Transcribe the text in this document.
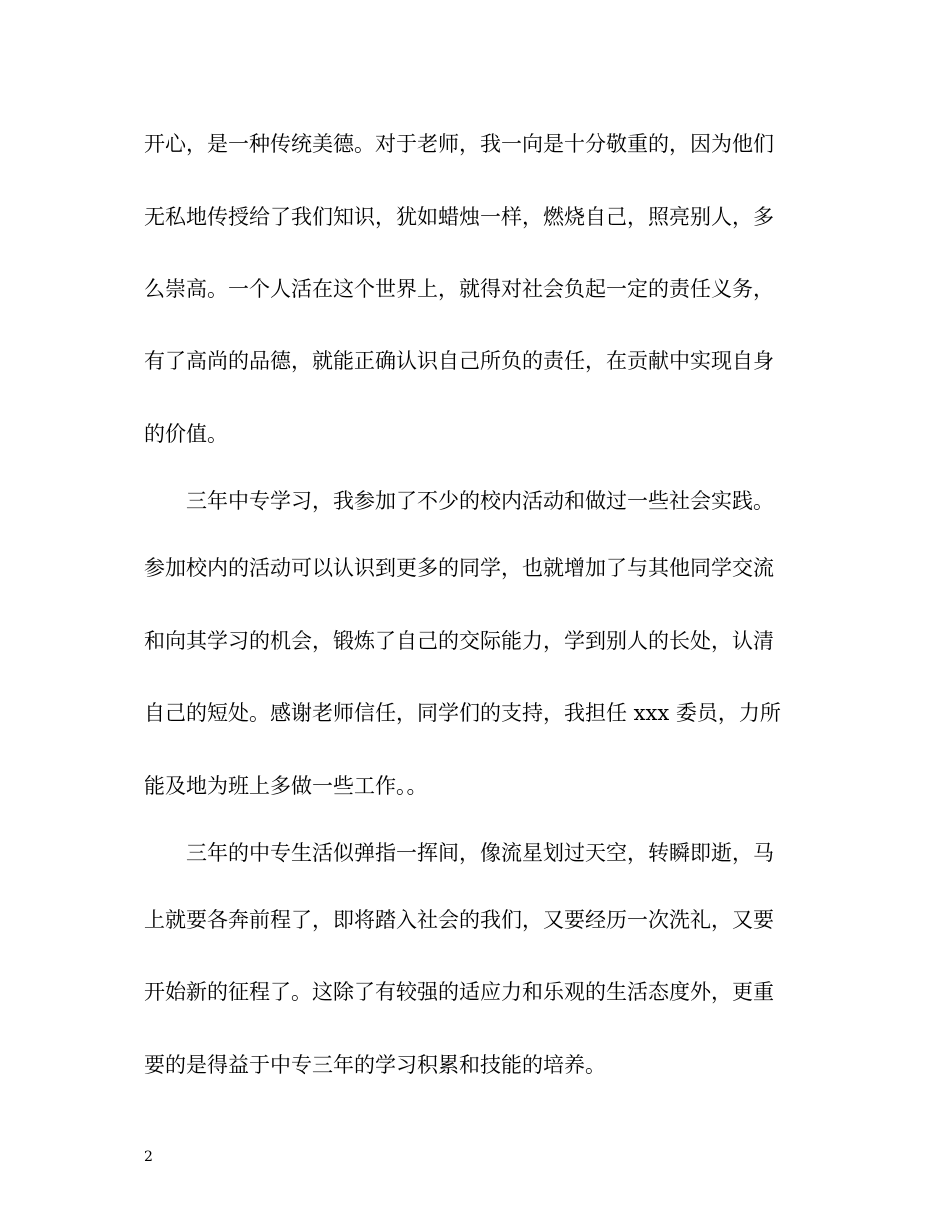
开心，是一种传统美德。对于老师，我一向是十分敬重的，因为他们
无私地传授给了我们知识，犹如蜡烛一样，燃烧自己，照亮别人，多
么崇高。一个人活在这个世界上，就得对社会负起一定的责任义务，
有了高尚的品德，就能正确认识自己所负的责任，在贡献中实现自身
的价值。
三年中专学习，我参加了不少的校内活动和做过一些社会实践。
参加校内的活动可以认识到更多的同学，也就增加了与其他同学交流
和向其学习的机会，锻炼了自己的交际能力，学到别人的长处，认清
自己的短处。感谢老师信任，同学们的支持，我担任 xxx 委员，力所
能及地为班上多做一些工作。。
三年的中专生活似弹指一挥间，像流星划过天空，转瞬即逝，马
上就要各奔前程了，即将踏入社会的我们，又要经历一次洗礼，又要
开始新的征程了。这除了有较强的适应力和乐观的生活态度外，更重
要的是得益于中专三年的学习积累和技能的培养。
2
